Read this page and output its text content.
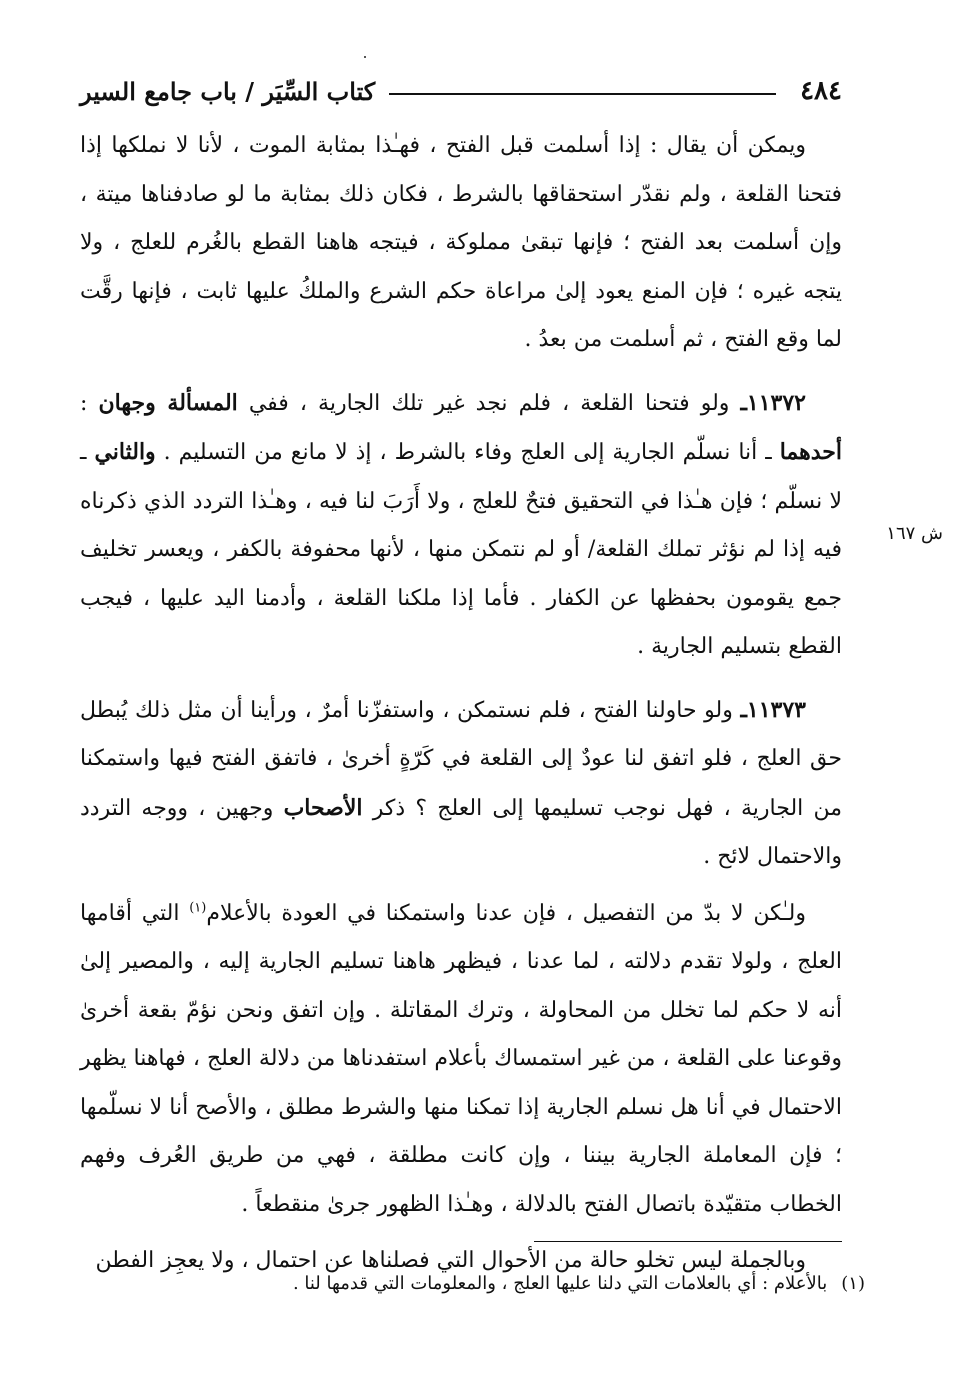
٤٨٤
كتاب السِّيَر / باب جامع السير
ش ١٦٧

ويمكن أن يقال : إذا أسلمت قبل الفتح ، فهـٰذا بمثابة الموت ، لأنا لا نملكها إذا فتحنا القلعة ، ولم نقدّر استحقاقها بالشرط ، فكان ذلك بمثابة ما لو صادفناها ميتة ، وإن أسلمت بعد الفتح ؛ فإنها تبقىٰ مملوكة ، فيتجه هاهنا القطع بالغُرم للعلج ، ولا يتجه غيره ؛ فإن المنع يعود إلىٰ مراعاة حكم الشرع والملكُ عليها ثابت ، فإنها رقَّت لما وقع الفتح ، ثم أسلمت من بعدُ .

١١٣٧٢ـ ولو فتحنا القلعة ، فلم نجد غير تلك الجارية ، ففي المسألة وجهان : أحدهما ـ أنا نسلّم الجارية إلى العلج وفاء بالشرط ، إذ لا مانع من التسليم . والثاني ـ لا نسلّم ؛ فإن هـٰذا في التحقيق فتحٌ للعلج ، ولا أَرَبَ لنا فيه ، وهـٰذا التردد الذي ذكرناه فيه إذا لم نؤثر تملك القلعة/ أو لم نتمكن منها ، لأنها محفوفة بالكفر ، ويعسر تخليف جمع يقومون بحفظها عن الكفار . فأما إذا ملكنا القلعة ، وأدمنا اليد عليها ، فيجب القطع بتسليم الجارية .

١١٣٧٣ـ ولو حاولنا الفتح ، فلم نستمكن ، واستفزّنا أمرٌ ، ورأينا أن مثل ذلك يُبطل حق العلج ، فلو اتفق لنا عودٌ إلى القلعة في كَرّةٍ أخرىٰ ، فاتفق الفتح فيها واستمكنا من الجارية ، فهل نوجب تسليمها إلى العلج ؟ ذكر الأصحاب وجهين ، ووجه التردد والاحتمال لائح .

ولـٰكن لا بدّ من التفصيل ، فإن عدنا واستمكنا في العودة بالأعلام$^{(١)}$ التي أقامها العلج ، ولولا تقدم دلالته ، لما عدنا ، فيظهر هاهنا تسليم الجارية إليه ، والمصير إلىٰ أنه لا حكم لما تخلل من المحاولة ، وترك المقاتلة . وإن اتفق ونحن نؤمّ بقعة أخرىٰ وقوعنا على القلعة ، من غير استمساك بأعلام استفدناها من دلالة العلج ، فهاهنا يظهر الاحتمال في أنا هل نسلم الجارية إذا تمكنا منها والشرط مطلق ، والأصح أنا لا نسلّمها ؛ فإن المعاملة الجارية بيننا ، وإن كانت مطلقة ، فهي من طريق العُرف وفهم الخطاب متقيّدة باتصال الفتح بالدلالة ، وهـٰذا الظهور جرىٰ منقطعاً .

وبالجملة ليس تخلو حالة من الأحوال التي فصلناها عن احتمال ، ولا يعجِز الفطن

(١)بالأعلام : أي بالعلامات التي دلنا عليها العلج ، والمعلومات التي قدمها لنا .
